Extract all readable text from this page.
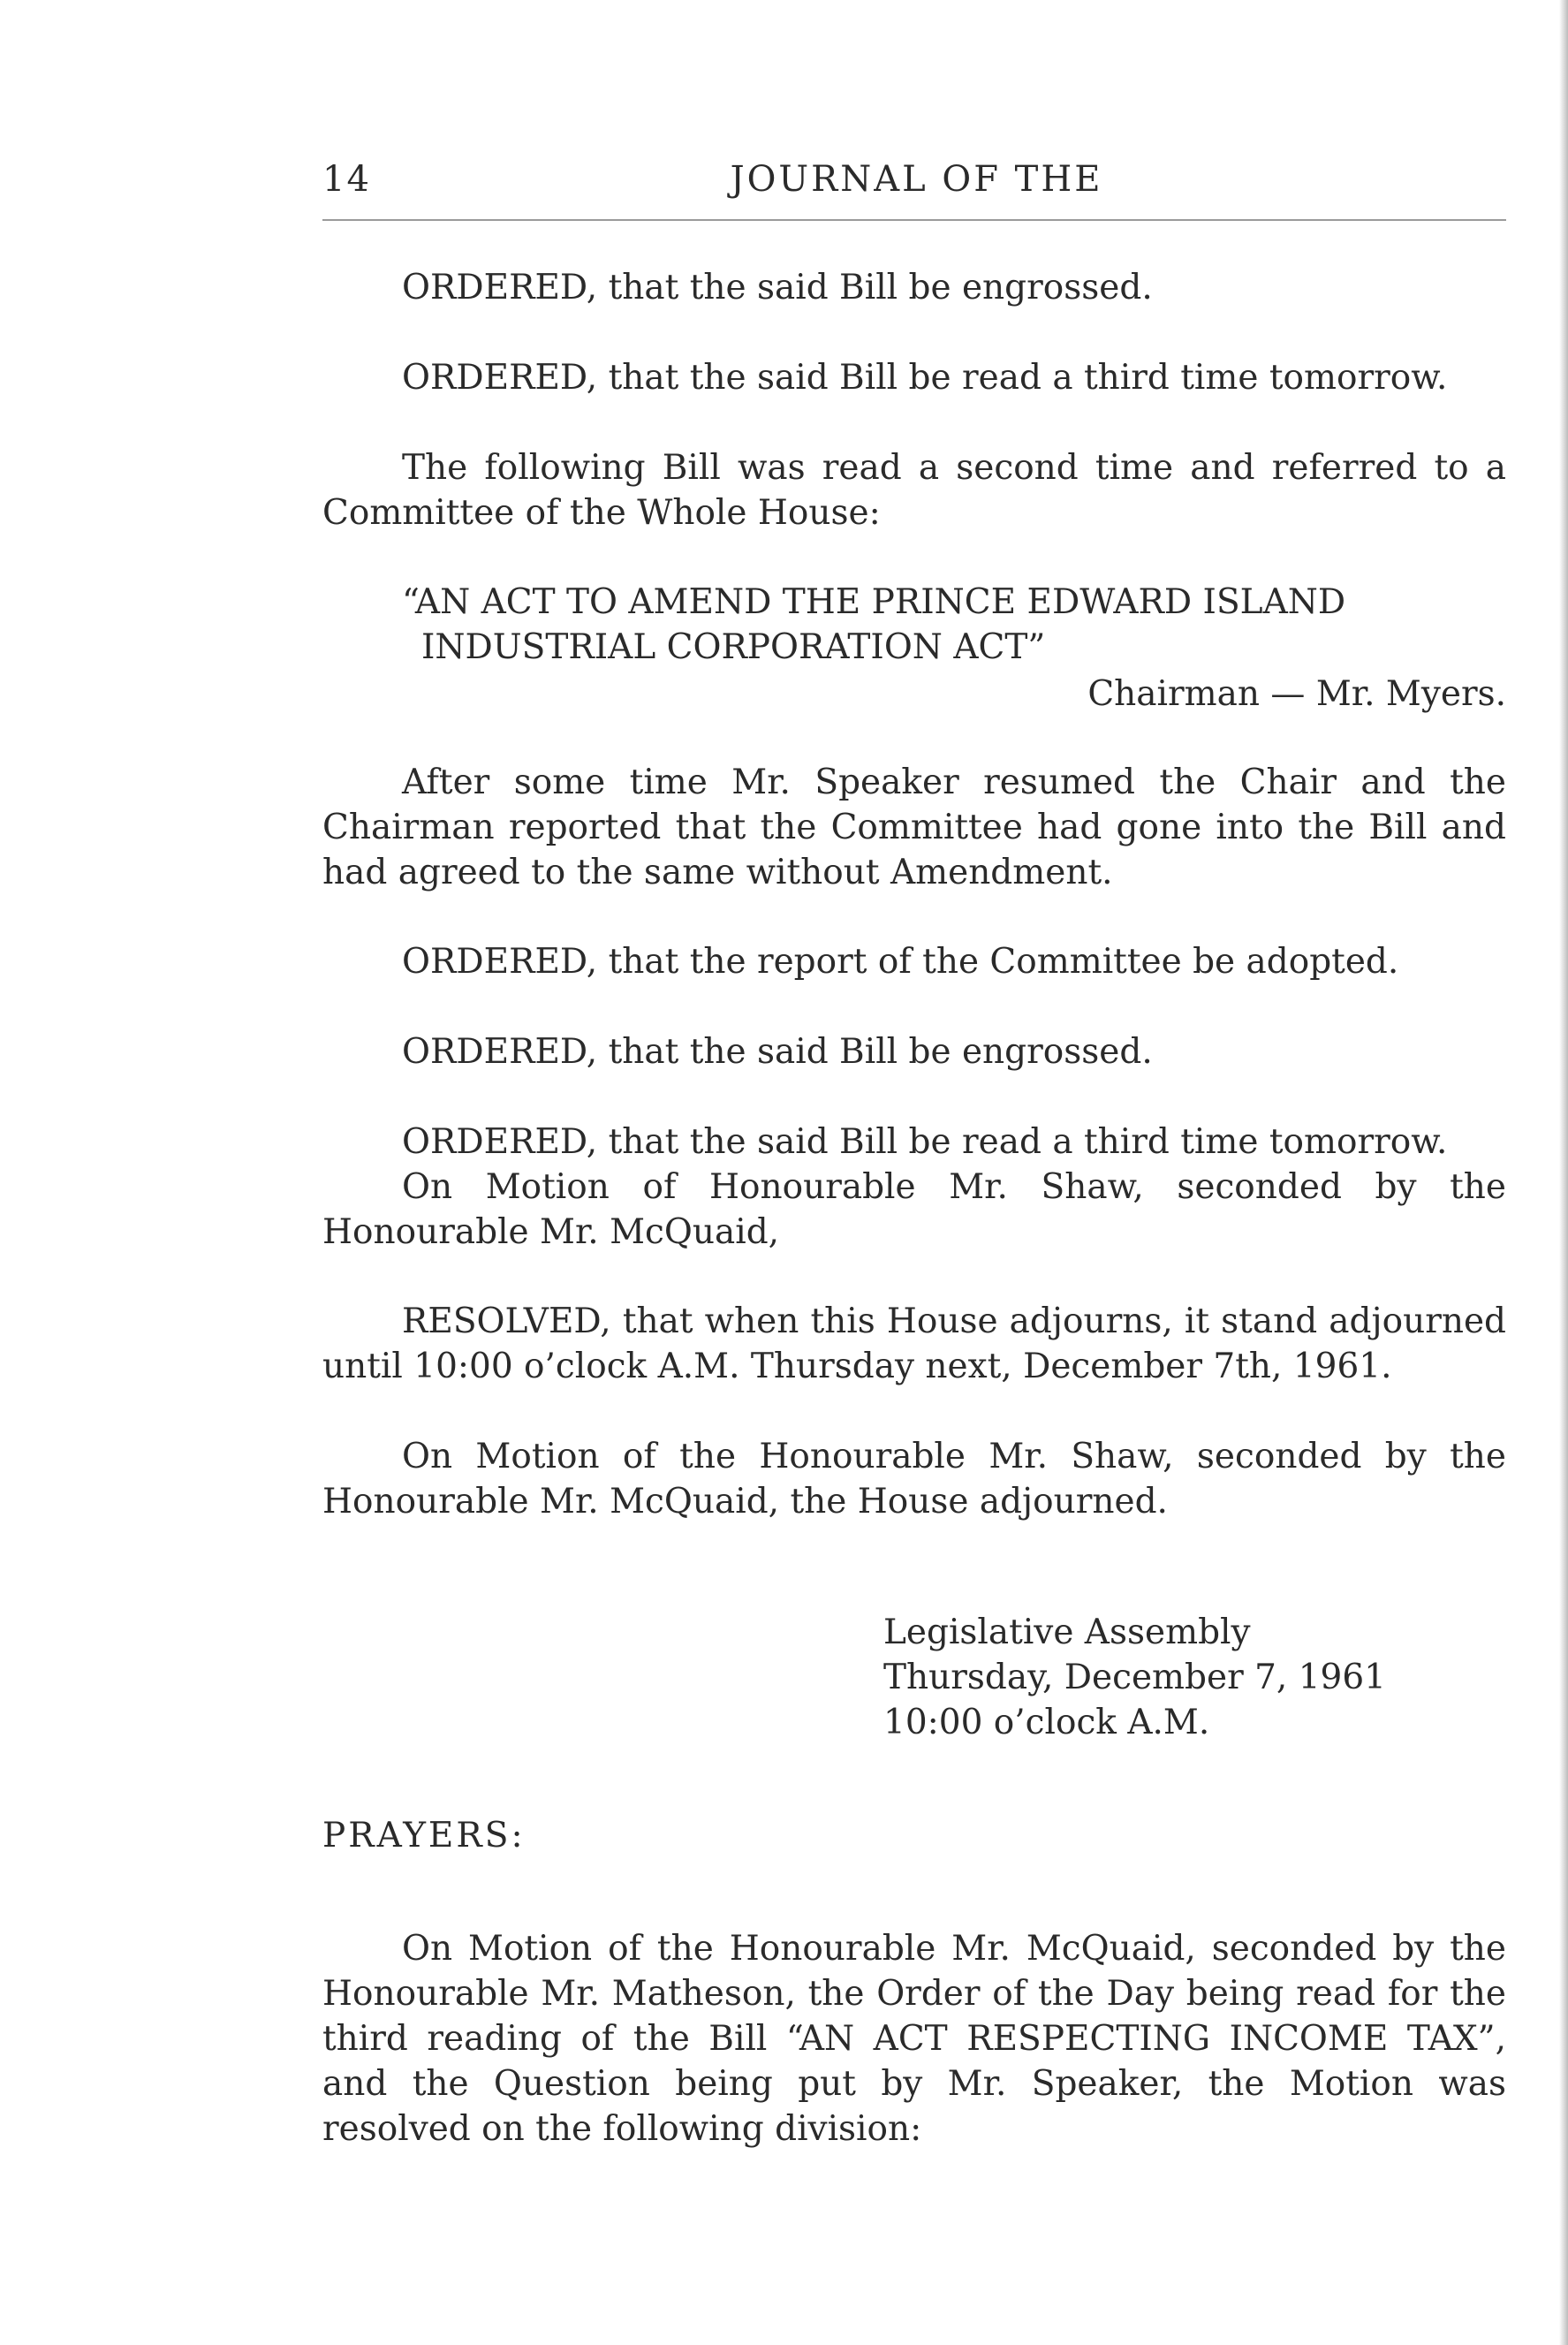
14	JOURNAL OF THE

ORDERED, that the said Bill be engrossed.

ORDERED, that the said Bill be read a third time tomorrow.

The following Bill was read a second time and referred to a Committee of the Whole House:

“AN ACT TO AMEND THE PRINCE EDWARD ISLAND
INDUSTRIAL CORPORATION ACT”

Chairman — Mr. Myers.

After some time Mr. Speaker resumed the Chair and the Chairman reported that the Committee had gone into the Bill and had agreed to the same without Amendment.

ORDERED, that the report of the Committee be adopted.

ORDERED, that the said Bill be engrossed.

ORDERED, that the said Bill be read a third time tomorrow.

On Motion of Honourable Mr. Shaw, seconded by the Honourable Mr. McQuaid,

RESOLVED, that when this House adjourns, it stand adjourned until 10:00 o’clock A.M. Thursday next, December 7th, 1961.

On Motion of the Honourable Mr. Shaw, seconded by the Honourable Mr. McQuaid, the House adjourned.

Legislative Assembly
Thursday, December 7, 1961
10:00 o’clock A.M.
PRAYERS:

On Motion of the Honourable Mr. McQuaid, seconded by the Honourable Mr. Matheson, the Order of the Day being read for the third reading of the Bill “AN ACT RESPECTING INCOME TAX”, and the Question being put by Mr. Speaker, the Motion was resolved on the following division:
